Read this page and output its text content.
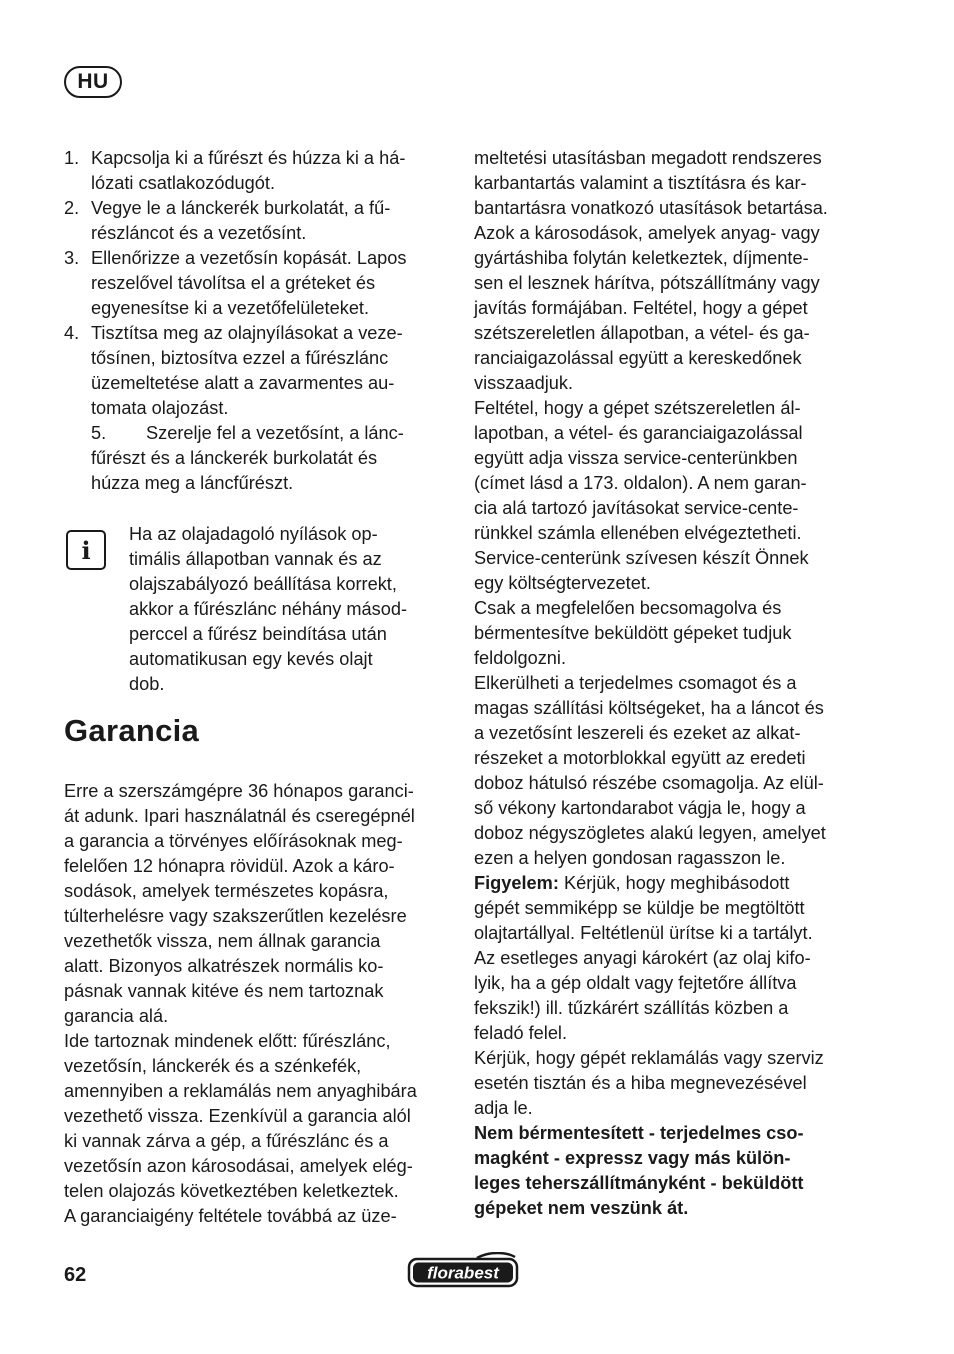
HU
1. Kapcsolja ki a fűrészt és húzza ki a há-
lózati csatlakozódugót.
2. Vegye le a lánckerék burkolatát, a fű-
részláncot és a vezetősínt.
3. Ellenőrizze a vezetősín kopását. Lapos
reszelővel távolítsa el a gréteket és
egyenesítse ki a vezetőfelületeket.
4. Tisztítsa meg az olajnyílásokat a veze-
tősínen, biztosítva ezzel a fűrészlánc
üzemeltetése alatt a zavarmentes au-
tomata olajozást.
5. Szerelje fel a vezetősínt, a lánc-
fűrészt és a lánckerék burkolatát és
húzza meg a láncfűrészt.
i

Ha az olajadagoló nyílások op-
timális állapotban vannak és az
olajszabályozó beállítása korrekt,
akkor a fűrészlánc néhány másod-
perccel a fűrész beindítása után
automatikusan egy kevés olajt
dob.

Garancia

Erre a szerszámgépre 36 hónapos garanci-
át adunk. Ipari használatnál és cseregépnél
a garancia a törvényes előírásoknak meg-
felelően 12 hónapra rövidül. Azok a káro-
sodások, amelyek természetes kopásra,
túlterhelésre vagy szakszerűtlen kezelésre
vezethetők vissza, nem állnak garancia
alatt. Bizonyos alkatrészek normális ko-
pásnak vannak kitéve és nem tartoznak
garancia alá.

Ide tartoznak mindenek előtt: fűrészlánc,
vezetősín, lánckerék és a szénkefék,
amennyiben a reklamálás nem anyaghibára
vezethető vissza. Ezenkívül a garancia alól
ki vannak zárva a gép, a fűrészlánc és a
vezetősín azon károsodásai, amelyek elég-
telen olajozás következtében keletkeztek.

A garanciaigény feltétele továbbá az üze-

meltetési utasításban megadott rendszeres
karbantartás valamint a tisztításra és kar-
bantartásra vonatkozó utasítások betartása.
Azok a károsodások, amelyek anyag- vagy
gyártáshiba folytán keletkeztek, díjmente-
sen el lesznek hárítva, pótszállítmány vagy
javítás formájában. Feltétel, hogy a gépet
szétszereletlen állapotban, a vétel- és ga-
ranciaigazolással együtt a kereskedőnek
visszaadjuk.

Feltétel, hogy a gépet szétszereletlen ál-
lapotban, a vétel- és garanciaigazolással
együtt adja vissza service-centerünkben
(címet lásd a 173. oldalon). A nem garan-
cia alá tartozó javításokat service-cente-
rünkkel számla ellenében elvégeztetheti.
Service-centerünk szívesen készít Önnek
egy költségtervezetet.

Csak a megfelelően becsomagolva és
bérmentesítve beküldött gépeket tudjuk
feldolgozni.

Elkerülheti a terjedelmes csomagot és a
magas szállítási költségeket, ha a láncot és
a vezetősínt leszereli és ezeket az alkat-
részeket a motorblokkal együtt az eredeti
doboz hátulsó részébe csomagolja. Az elül-
ső vékony kartondarabot vágja le, hogy a
doboz négyszögletes alakú legyen, amelyet
ezen a helyen gondosan ragasszon le.

Figyelem: Kérjük, hogy meghibásodott
gépét semmiképp se küldje be megtöltött
olajtartállyal. Feltétlenül ürítse ki a tartályt.
Az esetleges anyagi károkért (az olaj kifo-
lyik, ha a gép oldalt vagy fejtetőre állítva
fekszik!) ill. tűzkárért szállítás közben a
feladó felel.

Kérjük, hogy gépét reklamálás vagy szerviz
esetén tisztán és a hiba megnevezésével
adja le.

Nem bérmentesített - terjedelmes cso-
magként - expressz vagy más külön-
leges teherszállítmányként - beküldött
gépeket nem veszünk át.

62	florabest
